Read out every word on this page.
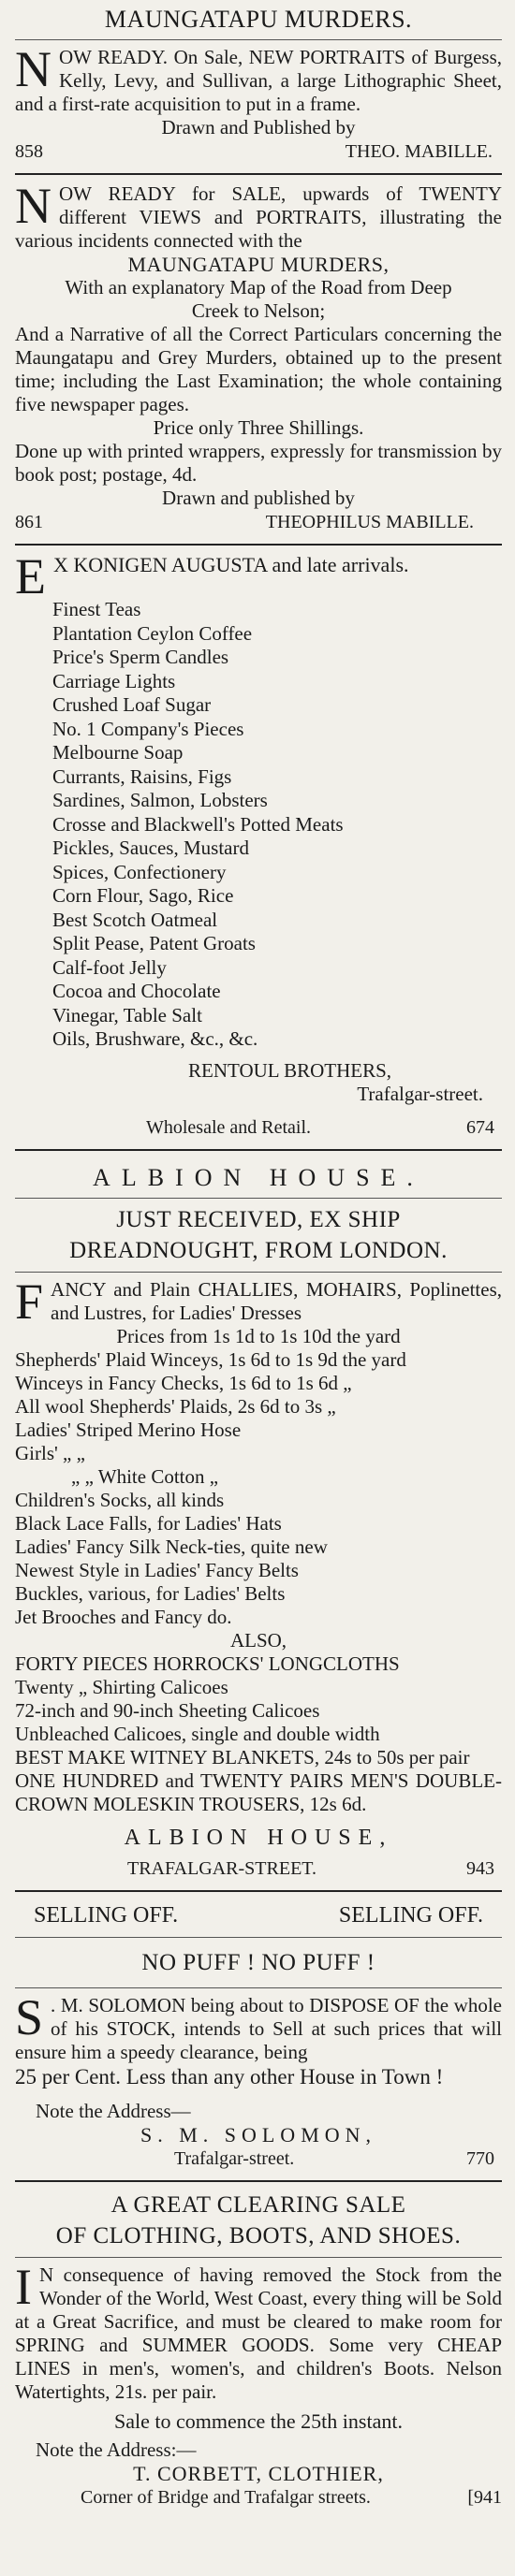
MAUNGATAPU MURDERS.
N OW READY. On Sale, NEW PORTRAITS of Burgess, Kelly, Levy, and Sullivan, a large Lithographic Sheet, and a first-rate acquisition to put in a frame.
Drawn and Published by
858	THEO. MABILLE.
N OW READY for SALE, upwards of TWENTY different VIEWS and PORTRAITS, illustrating the various incidents connected with the
MAUNGATAPU MURDERS,
With an explanatory Map of the Road from Deep
Creek to Nelson;
And a Narrative of all the Correct Particulars concerning the Maungatapu and Grey Murders, obtained up to the present time; including the Last Examination; the whole containing five newspaper pages.
Price only Three Shillings.
Done up with printed wrappers, expressly for transmission by book post; postage, 4d.
Drawn and published by
861	THEOPHILUS MABILLE.
E X KONIGEN AUGUSTA and late arrivals.
Finest Teas
Plantation Ceylon Coffee
Price's Sperm Candles
Carriage Lights
Crushed Loaf Sugar
No. 1 Company's Pieces
Melbourne Soap
Currants, Raisins, Figs
Sardines, Salmon, Lobsters
Crosse and Blackwell's Potted Meats
Pickles, Sauces, Mustard
Spices, Confectionery
Corn Flour, Sago, Rice
Best Scotch Oatmeal
Split Pease, Patent Groats
Calf-foot Jelly
Cocoa and Chocolate
Vinegar, Table Salt
Oils, Brushware, &c., &c.
RENTOUL BROTHERS,
Trafalgar-street.
Wholesale and Retail.	674
ALBION HOUSE.
JUST RECEIVED, EX SHIP
DREADNOUGHT, FROM LONDON.
F ANCY and Plain CHALLIES, MOHAIRS, Poplinettes, and Lustres, for Ladies' Dresses
Prices from 1s 1d to 1s 10d the yard
Shepherds' Plaid Winceys, 1s 6d to 1s 9d the yard
Winceys in Fancy Checks, 1s 6d to 1s 6d „
All wool Shepherds' Plaids, 2s 6d to 3s „
Ladies' Striped Merino Hose
Girls' „ „
„ „ White Cotton „
Children's Socks, all kinds
Black Lace Falls, for Ladies' Hats
Ladies' Fancy Silk Neck-ties, quite new
Newest Style in Ladies' Fancy Belts
Buckles, various, for Ladies' Belts
Jet Brooches and Fancy do.
ALSO,
FORTY PIECES HORROCKS' LONGCLOTHS
Twenty „ Shirting Calicoes
72-inch and 90-inch Sheeting Calicoes
Unbleached Calicoes, single and double width
BEST MAKE WITNEY BLANKETS, 24s to 50s per pair
ONE HUNDRED and TWENTY PAIRS MEN'S DOUBLE-CROWN MOLESKIN TROUSERS, 12s 6d.
ALBION HOUSE,
TRAFALGAR-STREET.	943
SELLING OFF.	SELLING OFF.
NO PUFF ! NO PUFF !
S . M. SOLOMON being about to DISPOSE OF the whole of his STOCK, intends to Sell at such prices that will ensure him a speedy clearance, being
25 per Cent. Less than any other House in Town !
Note the Address—
S. M. SOLOMON,
Trafalgar-street.	770
A GREAT CLEARING SALE
OF CLOTHING, BOOTS, AND SHOES.
I N consequence of having removed the Stock from the Wonder of the World, West Coast, every thing will be Sold at a Great Sacrifice, and must be cleared to make room for SPRING and SUMMER GOODS. Some very CHEAP LINES in men's, women's, and children's Boots. Nelson Watertights, 21s. per pair.
Sale to commence the 25th instant.
Note the Address:—
T. CORBETT, CLOTHIER,
Corner of Bridge and Trafalgar streets.	[941
